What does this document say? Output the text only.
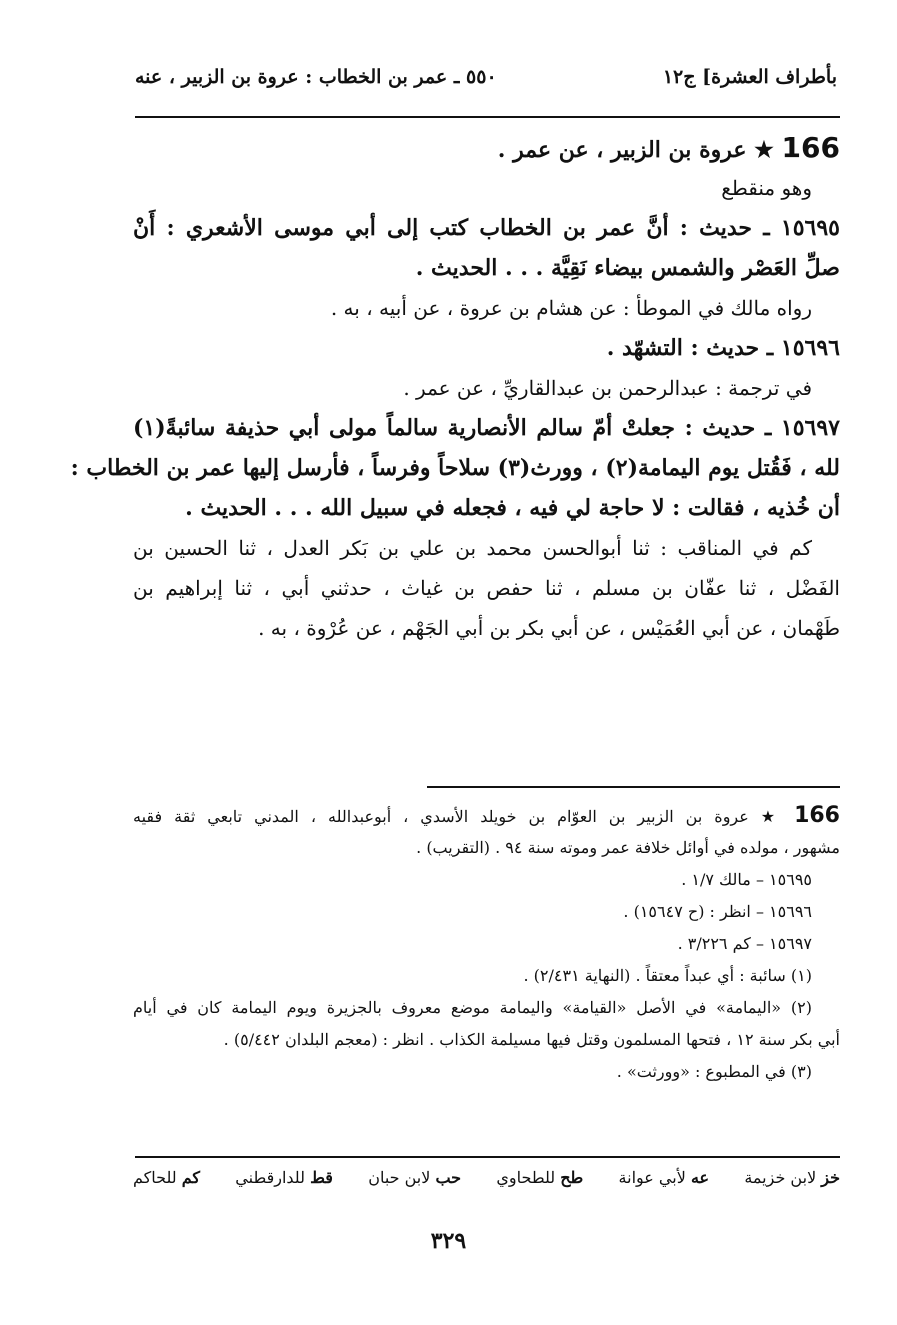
بأطراف العشرة] ج١٢
٥٥٠ ـ عمر بن الخطاب : عروة بن الزبير ، عنه
166 ★ عروة بن الزبير ، عن عمر .
وهو منقطع
١٥٦٩٥ ـ حديث : أنَّ عمر بن الخطاب كتب إلى أبي موسى الأشعري : أَنْ
صلِّ العَصْر والشمس بيضاء نَقِيَّة . . . الحديث .
رواه مالك في الموطأ : عن هشام بن عروة ، عن أبيه ، به .
١٥٦٩٦ ـ حديث : التشهّد .
في ترجمة : عبدالرحمن بن عبدالقاريِّ ، عن عمر .
١٥٦٩٧ ـ حديث : جعلتْ أمّ سالم الأنصارية سالماً مولى أبي حذيفة سائبةً(١)
لله ، فَقُتل يوم اليمامة(٢) ، وورث(٣) سلاحاً وفرساً ، فأرسل إليها عمر بن الخطاب :
أن خُذيه ، فقالت : لا حاجة لي فيه ، فجعله في سبيل الله . . . الحديث .
كم في المناقب : ثنا أبوالحسن محمد بن علي بن بَكر العدل ، ثنا الحسين بن
الفَضْل ، ثنا عفّان بن مسلم ، ثنا حفص بن غياث ، حدثني أبي ، ثنا إبراهيم بن
طَهْمان ، عن أبي العُمَيْس ، عن أبي بكر بن أبي الجَهْم ، عن عُرْوة ، به .
166 ★ عروة بن الزبير بن العوّام بن خويلد الأسدي ، أبوعبدالله ، المدني تابعي ثقة فقيه
مشهور ، مولده في أوائل خلافة عمر وموته سنة ٩٤ . (التقريب) .
١٥٦٩٥ – مالك ١/٧ .
١٥٦٩٦ – انظر : (ح ١٥٦٤٧) .
١٥٦٩٧ – كم ٣/٢٢٦ .
(١) سائبة : أي عبداً معتقاً . (النهاية ٢/٤٣١) .
(٢) «اليمامة» في الأصل «القيامة» واليمامة موضع معروف بالجزيرة ويوم اليمامة كان في أيام
أبي بكر سنة ١٢ ، فتحها المسلمون وقتل فيها مسيلمة الكذاب . انظر : (معجم البلدان ٥/٤٤٢) .
(٣) في المطبوع : «وورثت» .
خز لابن خزيمة
عه لأبي عوانة
طح للطحاوي
حب لابن حبان
قط للدارقطني
كم للحاكم
٣٢٩
